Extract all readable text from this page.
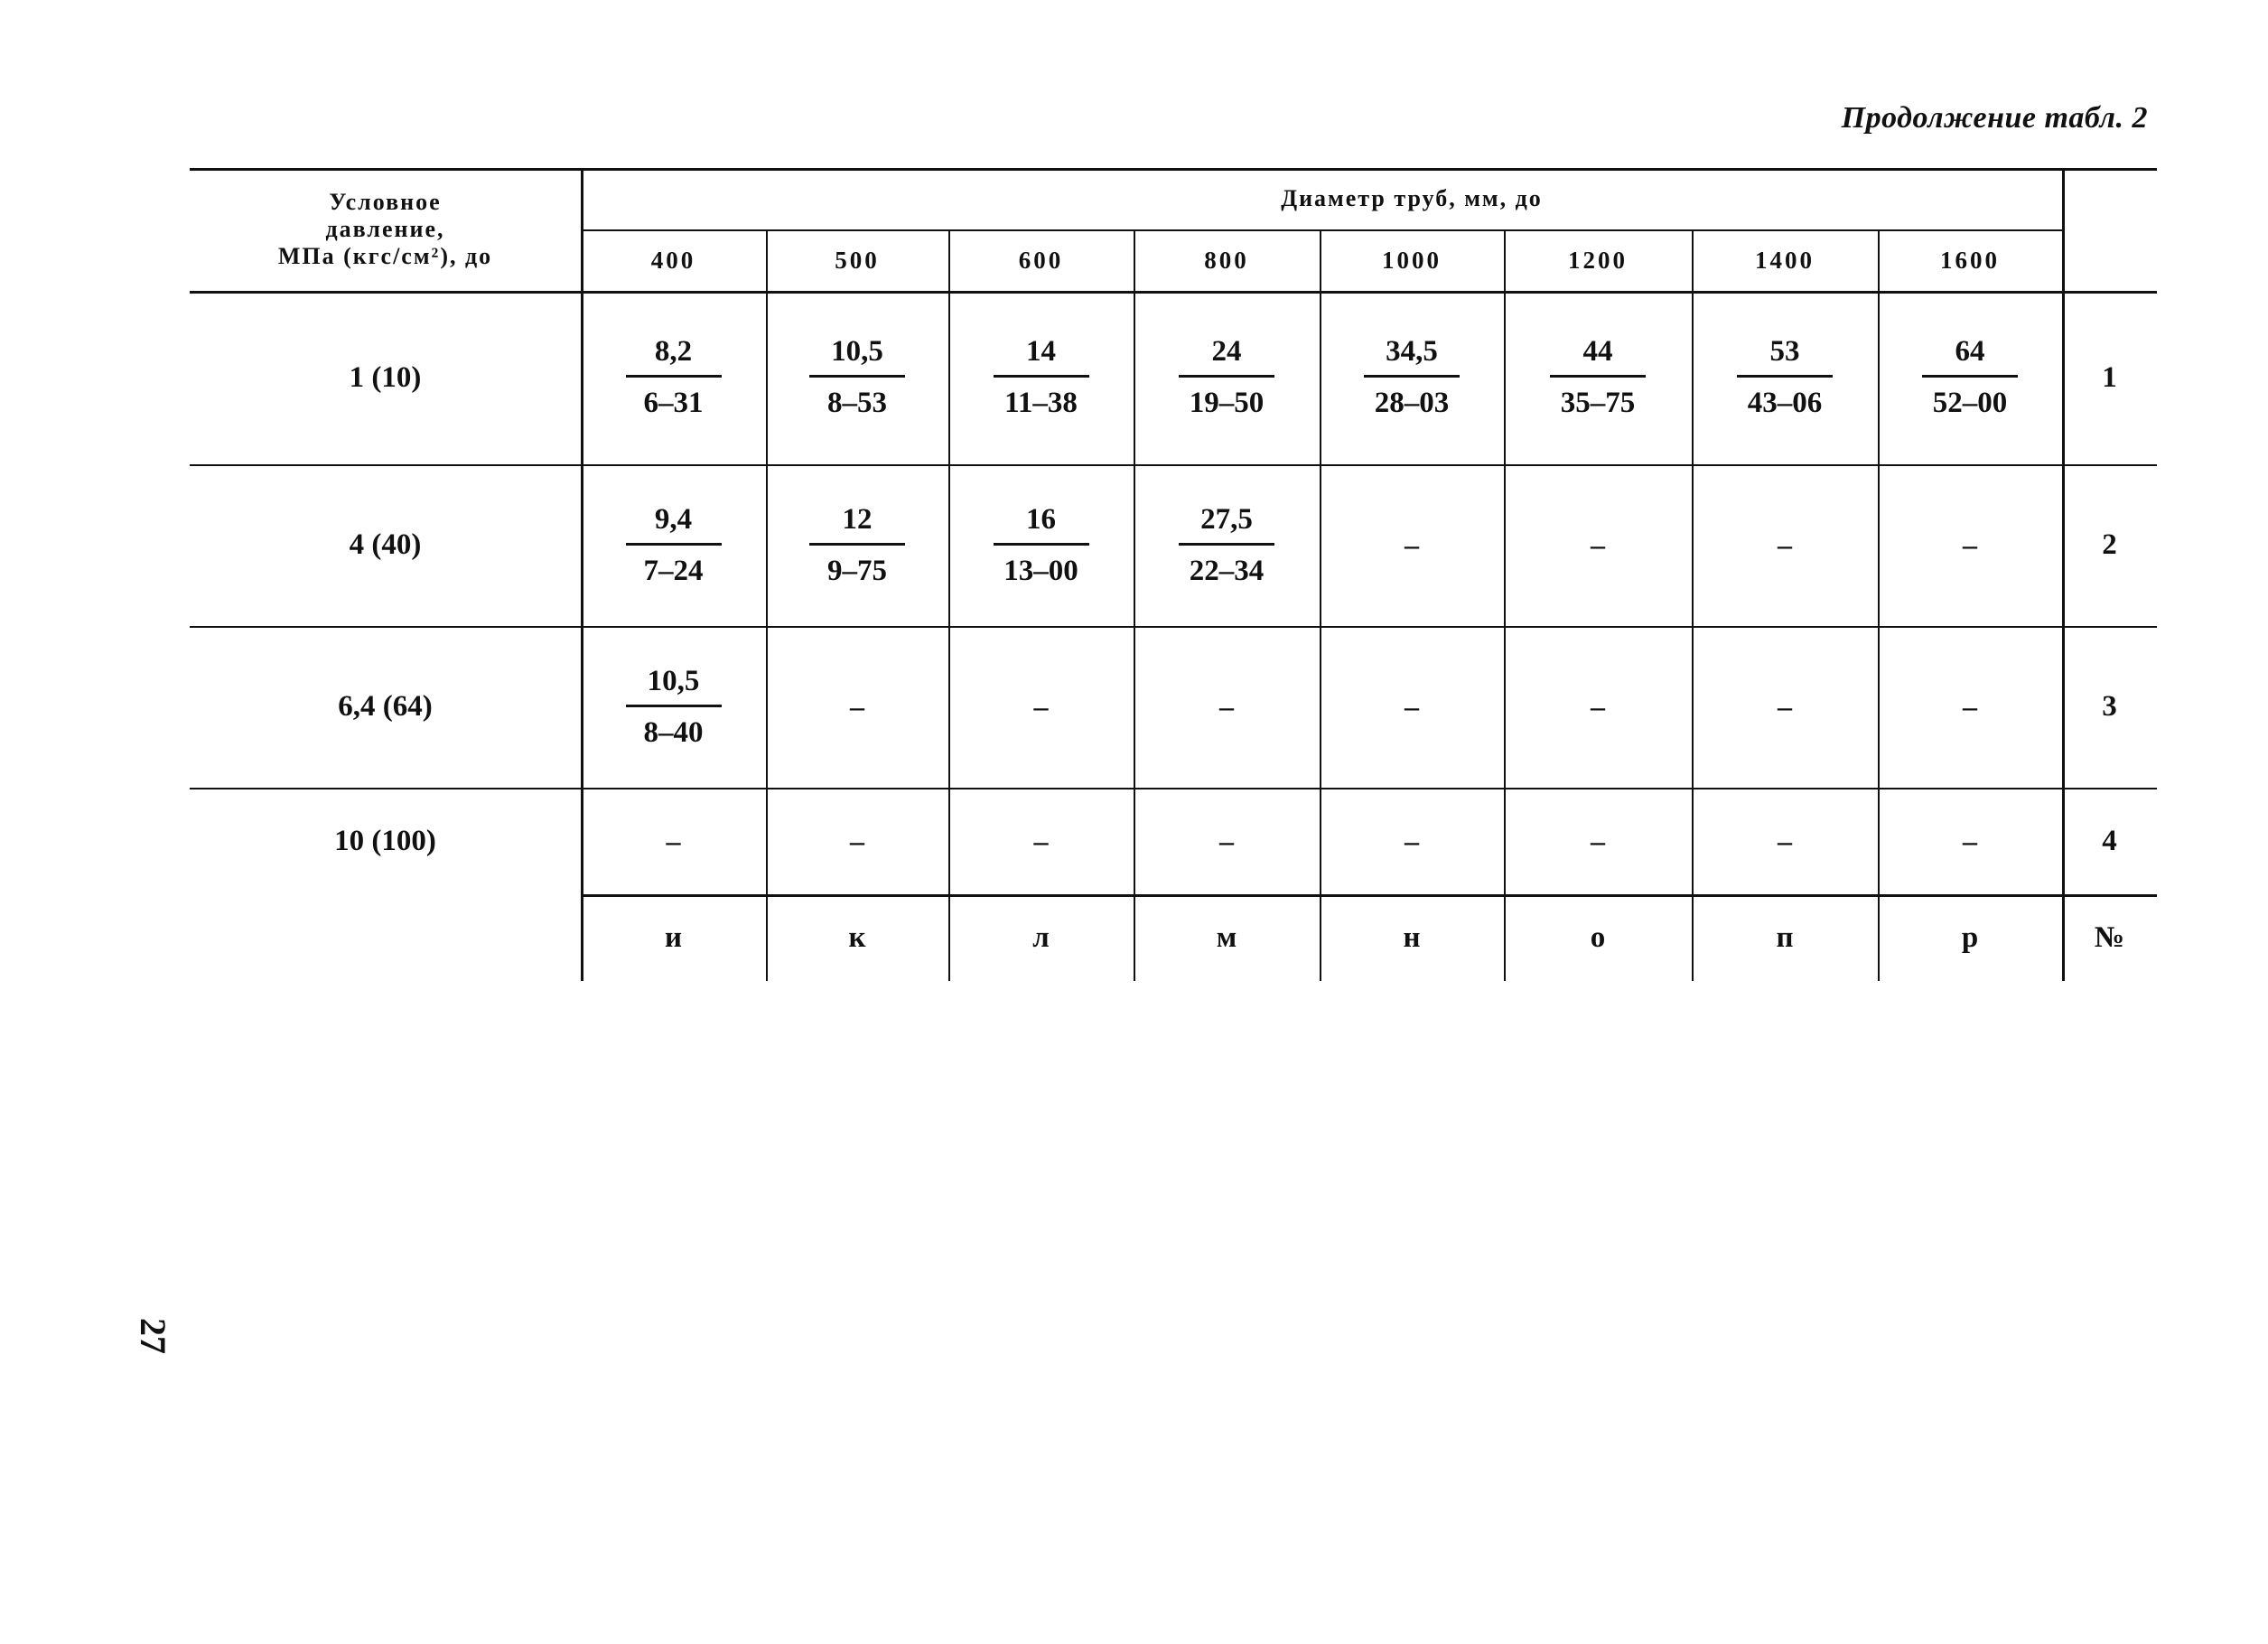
Продолжение табл. 2
27
Условное
давление,
МПа (кгс/см²), до
Диаметр труб, мм, до
400	500	600	800	1000	1200	1400	1600
1 (10)	$\frac{8,2}{6-31}$	$\frac{10,5}{8-53}$	$\frac{14}{11-38}$	$\frac{24}{19-50}$	$\frac{34,5}{28-03}$	$\frac{44}{35-75}$	$\frac{53}{43-06}$	$\frac{64}{52-00}$	1
4 (40)	$\frac{9,4}{7-24}$	$\frac{12}{9-75}$	$\frac{16}{13-00}$	$\frac{27,5}{22-34}$	–	–	–	–	2
6,4 (64)	$\frac{10,5}{8-40}$	–	–	–	–	–	–	–	3
10 (100)	–	–	–	–	–	–	–	–	4
и	к	л	м	н	о	п	р	№
